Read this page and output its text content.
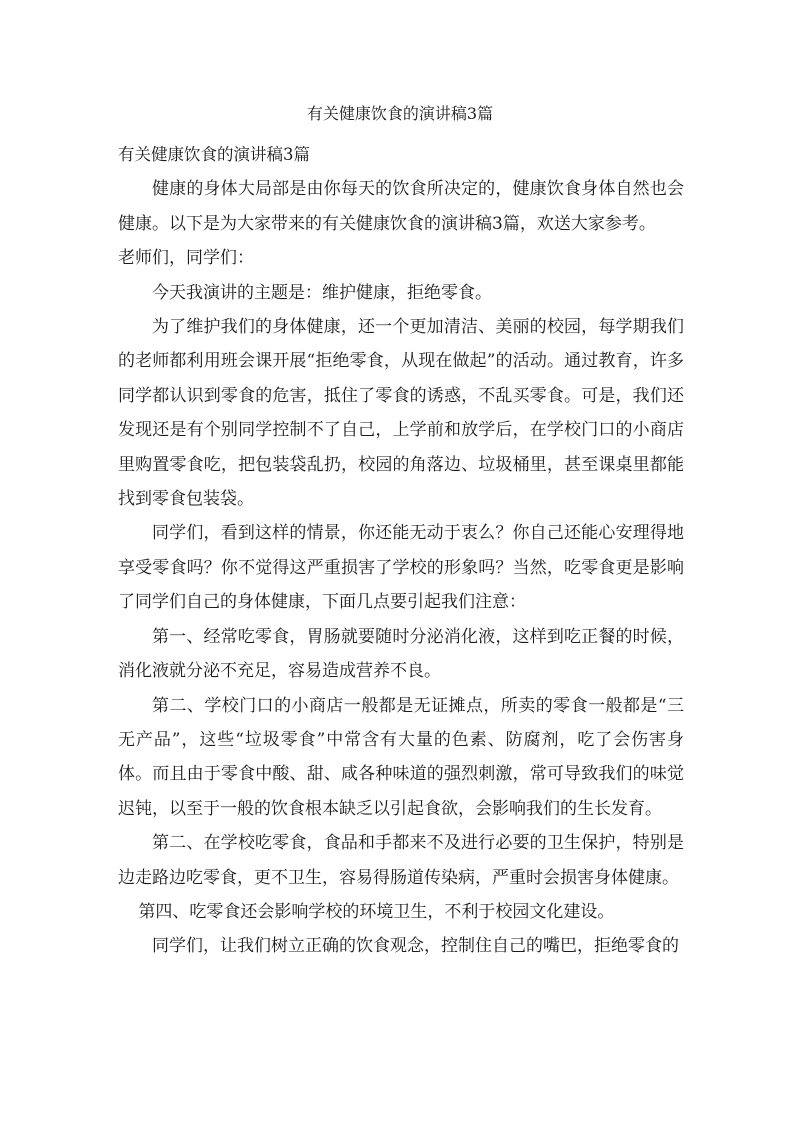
有关健康饮食的演讲稿3篇

有关健康饮食的演讲稿3篇

健康的身体大局部是由你每天的饮食所决定的，健康饮食身体自然也会健康。以下是为大家带来的有关健康饮食的演讲稿3篇，欢送大家参考。

老师们，同学们：

今天我演讲的主题是：维护健康，拒绝零食。

为了维护我们的身体健康，还一个更加清洁、美丽的校园，每学期我们的老师都利用班会课开展“拒绝零食，从现在做起”的活动。通过教育，许多同学都认识到零食的危害，抵住了零食的诱惑，不乱买零食。可是，我们还发现还是有个别同学控制不了自己，上学前和放学后，在学校门口的小商店里购置零食吃，把包装袋乱扔，校园的角落边、垃圾桶里，甚至课桌里都能找到零食包装袋。

同学们，看到这样的情景，你还能无动于衷么？你自己还能心安理得地享受零食吗？你不觉得这严重损害了学校的形象吗？当然，吃零食更是影响了同学们自己的身体健康，下面几点要引起我们注意：

第一、经常吃零食，胃肠就要随时分泌消化液，这样到吃正餐的时候，消化液就分泌不充足，容易造成营养不良。

第二、学校门口的小商店一般都是无证摊点，所卖的零食一般都是“三无产品”，这些“垃圾零食”中常含有大量的色素、防腐剂，吃了会伤害身体。而且由于零食中酸、甜、咸各种味道的强烈刺激，常可导致我们的味觉迟钝，以至于一般的饮食根本缺乏以引起食欲，会影响我们的生长发育。

第二、在学校吃零食，食品和手都来不及进行必要的卫生保护，特别是边走路边吃零食，更不卫生，容易得肠道传染病，严重时会损害身体健康。

第四、吃零食还会影响学校的环境卫生，不利于校园文化建设。

同学们，让我们树立正确的饮食观念，控制住自己的嘴巴，拒绝零食的
